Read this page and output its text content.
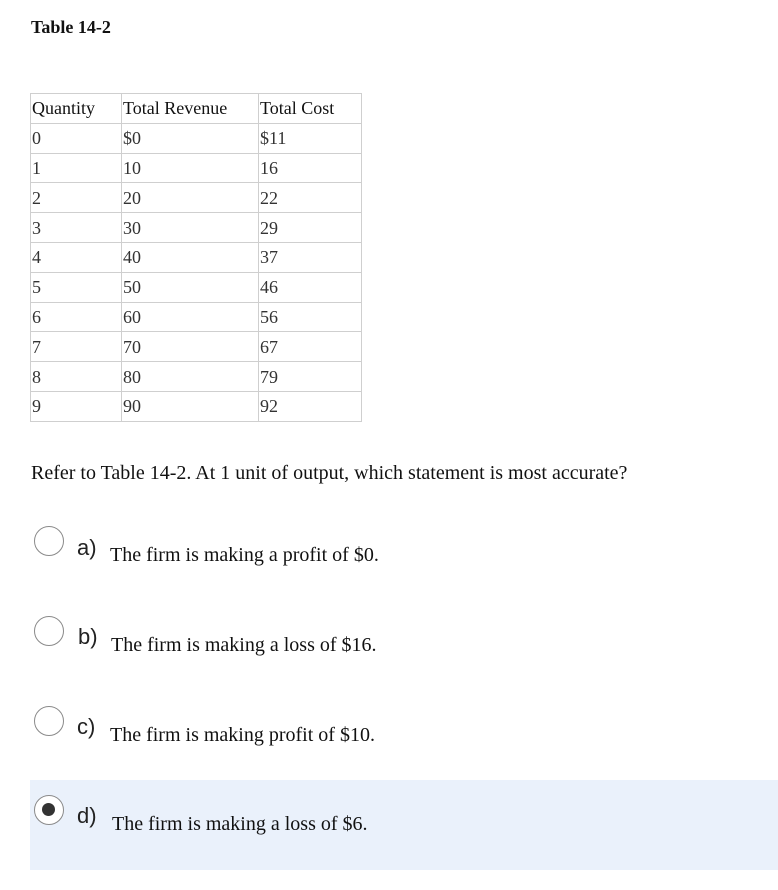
Table 14-2
Quantity	Total Revenue	Total Cost
0	$0	$11
1	10	16
2	20	22
3	30	29
4	40	37
5	50	46
6	60	56
7	70	67
8	80	79
9	90	92
Refer to Table 14-2. At 1 unit of output, which statement is most accurate?
a) The firm is making a profit of $0.
b) The firm is making a loss of $16.
c) The firm is making profit of $10.
d) The firm is making a loss of $6.
